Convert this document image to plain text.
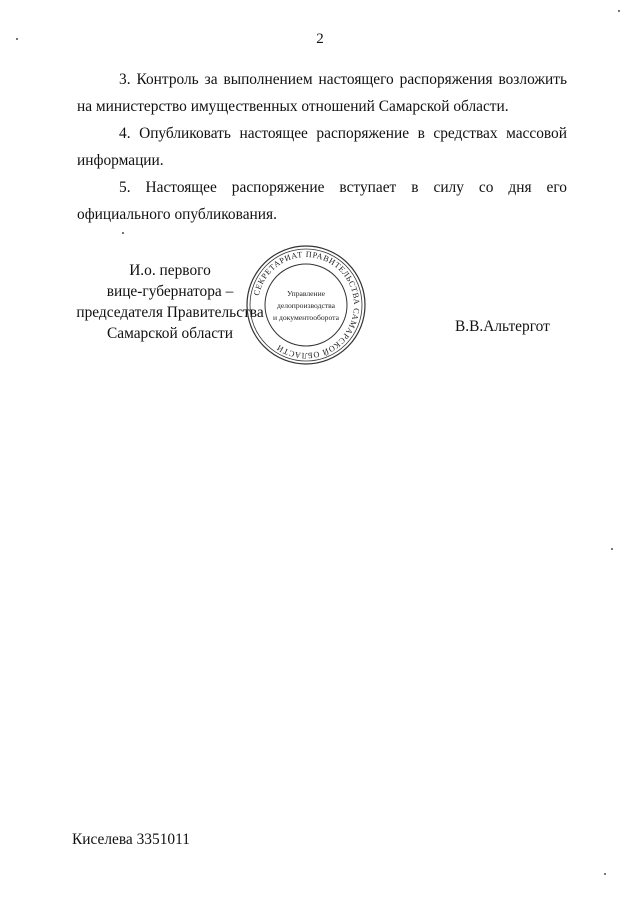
2

3. Контроль за выполнением настоящего распоряжения возложить на министерство имущественных отношений Самарской области.

4. Опубликовать настоящее распоряжение в средствах массовой информации.

5. Настоящее распоряжение вступает в силу со дня его официального опубликования.

И.о. первого
вице-губернатора –
председателя Правительства
Самарской области
СЕКРЕТАРИАТ ПРАВИТЕЛЬСТВА САМАРСКОЙ ОБЛАСТИ
Управление
делопроизводства
и документооборота
В.В.Альтергот
Киселева 3351011
